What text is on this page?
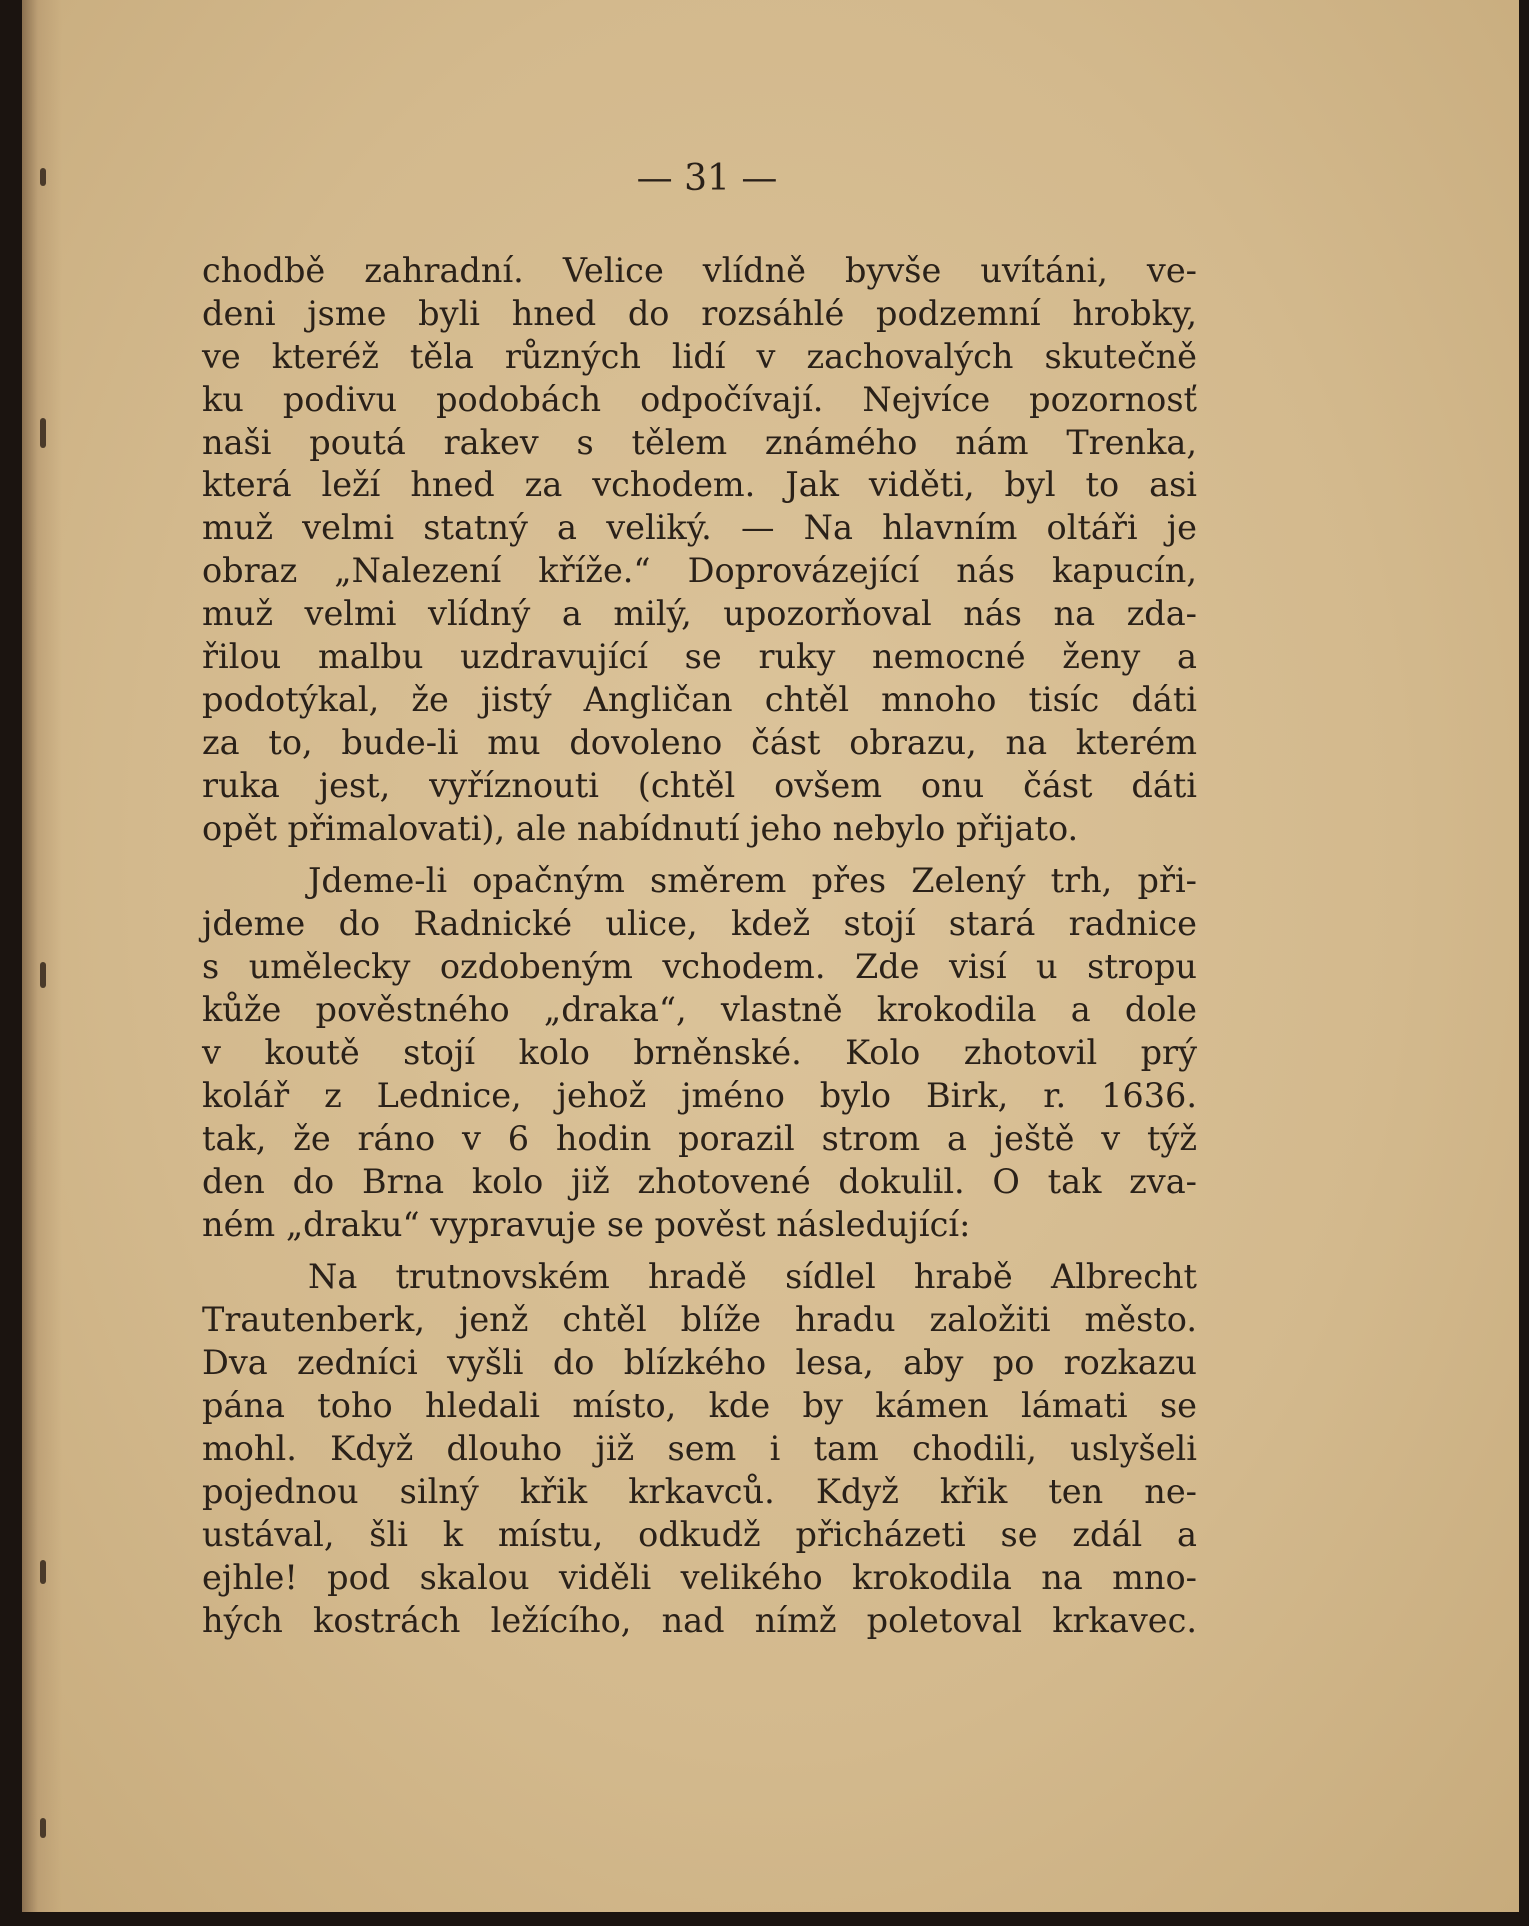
— 31 —
chodbě zahradní. Velice vlídně byvše uvítáni, ve-
deni jsme byli hned do rozsáhlé podzemní hrobky,
ve kteréž těla různých lidí v zachovalých skutečně
ku podivu podobách odpočívají. Nejvíce pozornosť
naši poutá rakev s tělem známého nám Trenka,
která leží hned za vchodem. Jak viděti, byl to asi
muž velmi statný a veliký. — Na hlavním oltáři je
obraz „Nalezení kříže.“ Doprovázející nás kapucín,
muž velmi vlídný a milý, upozorňoval nás na zda-
řilou malbu uzdravující se ruky nemocné ženy a
podotýkal, že jistý Angličan chtěl mnoho tisíc dáti
za to, bude-li mu dovoleno část obrazu, na kterém
ruka jest, vyříznouti (chtěl ovšem onu část dáti
opět přimalovati), ale nabídnutí jeho nebylo přijato.
Jdeme-li opačným směrem přes Zelený trh, při-
jdeme do Radnické ulice, kdež stojí stará radnice
s umělecky ozdobeným vchodem. Zde visí u stropu
kůže pověstného „draka“, vlastně krokodila a dole
v koutě stojí kolo brněnské. Kolo zhotovil prý
kolář z Lednice, jehož jméno bylo Birk, r. 1636.
tak, že ráno v 6 hodin porazil strom a ještě v týž
den do Brna kolo již zhotovené dokulil. O tak zva-
ném „draku“ vypravuje se pověst následující:
Na trutnovském hradě sídlel hrabě Albrecht
Trautenberk, jenž chtěl blíže hradu založiti město.
Dva zedníci vyšli do blízkého lesa, aby po rozkazu
pána toho hledali místo, kde by kámen lámati se
mohl. Když dlouho již sem i tam chodili, uslyšeli
pojednou silný křik krkavců. Když křik ten ne-
ustával, šli k místu, odkudž přicházeti se zdál a
ejhle! pod skalou viděli velikého krokodila na mno-
hých kostrách ležícího, nad nímž poletoval krkavec.
